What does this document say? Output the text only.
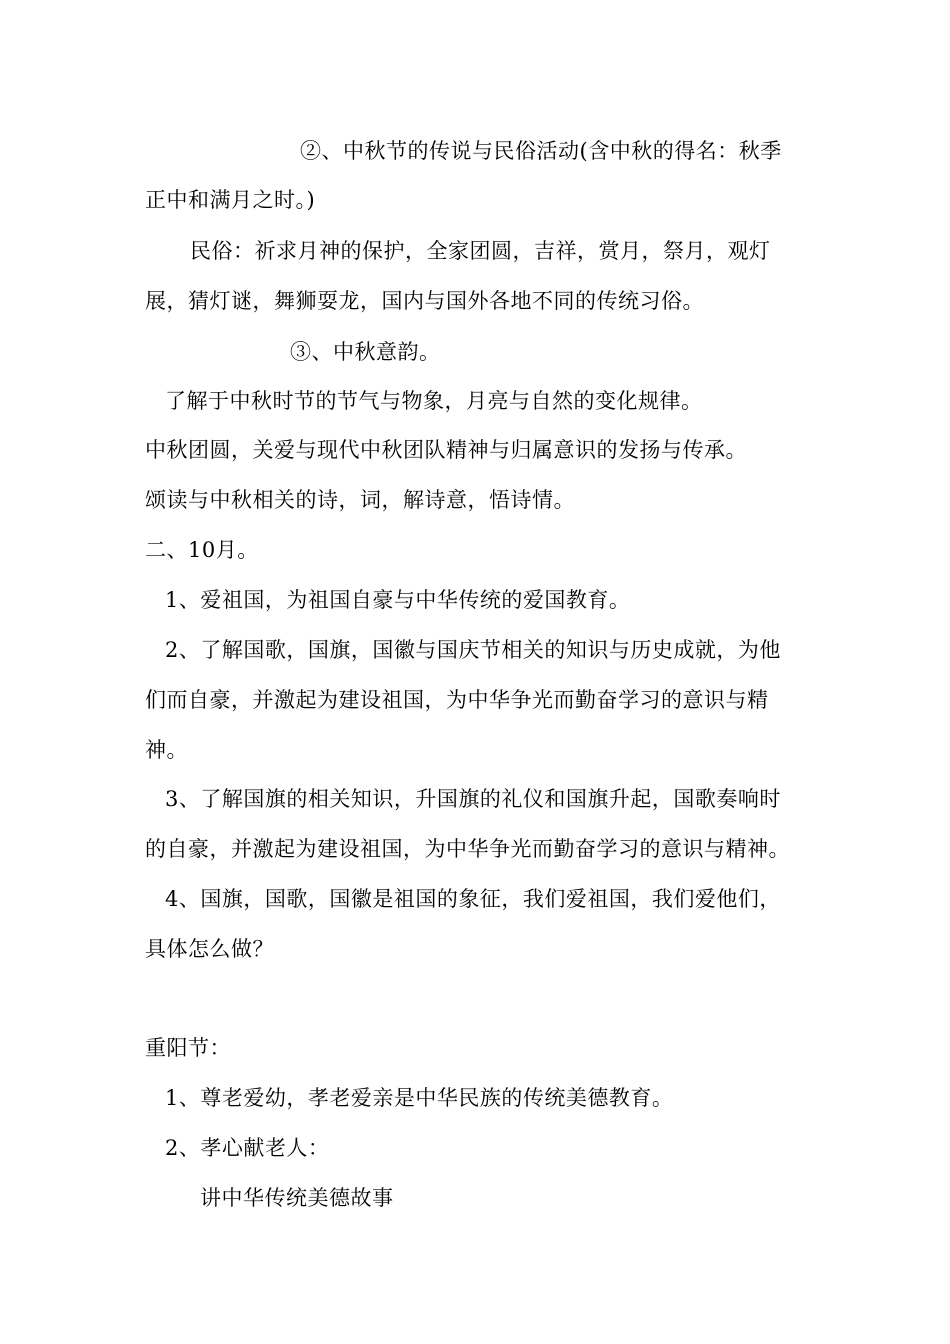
②、中秋节的传说与民俗活动(含中秋的得名：秋季
正中和满月之时。)
民俗：祈求月神的保护，全家团圆，吉祥，赏月，祭月，观灯
展，猜灯谜，舞狮耍龙，国内与国外各地不同的传统习俗。
③、中秋意韵。
了解于中秋时节的节气与物象，月亮与自然的变化规律。
中秋团圆，关爱与现代中秋团队精神与归属意识的发扬与传承。
颂读与中秋相关的诗，词，解诗意，悟诗情。
二、10月。
1、爱祖国，为祖国自豪与中华传统的爱国教育。
2、了解国歌，国旗，国徽与国庆节相关的知识与历史成就，为他
们而自豪，并激起为建设祖国，为中华争光而勤奋学习的意识与精
神。
3、了解国旗的相关知识，升国旗的礼仪和国旗升起，国歌奏响时
的自豪，并激起为建设祖国，为中华争光而勤奋学习的意识与精神。
4、国旗，国歌，国徽是祖国的象征，我们爱祖国，我们爱他们，
具体怎么做？
重阳节：
1、尊老爱幼，孝老爱亲是中华民族的传统美德教育。
2、孝心献老人：
讲中华传统美德故事
